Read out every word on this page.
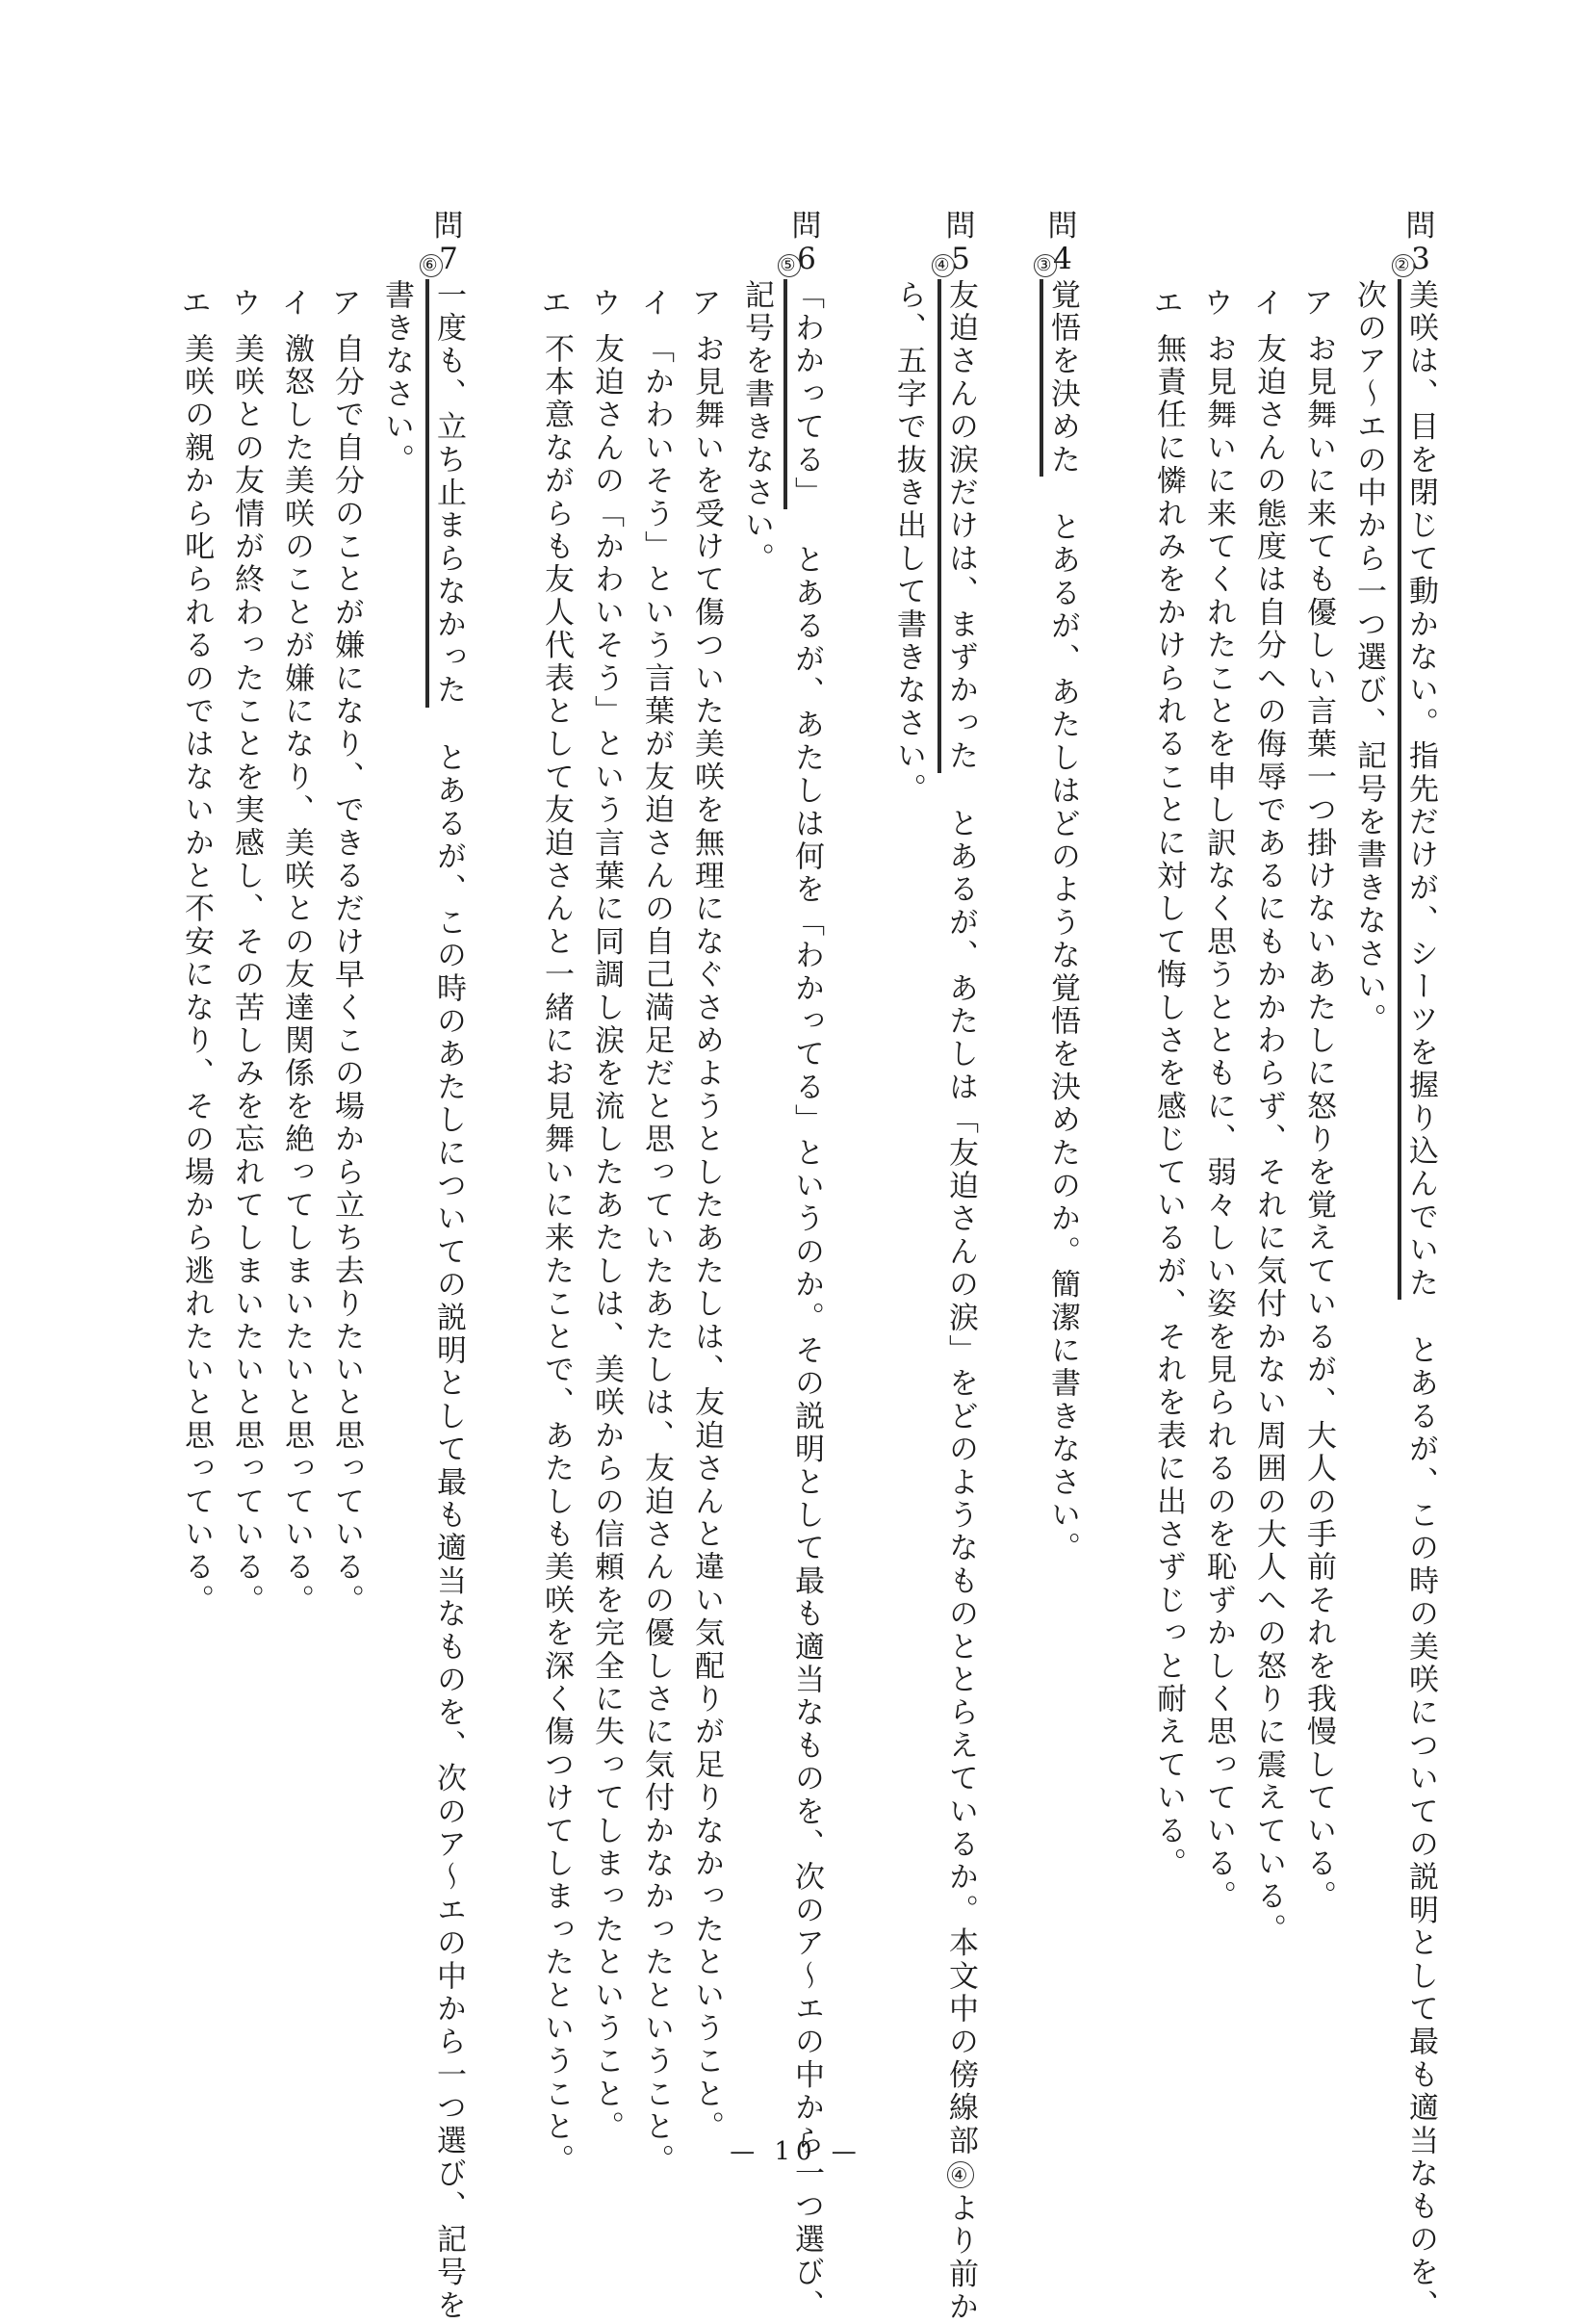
問
3
②
美咲は、目を閉じて動かない。指先だけが、シーツを握り込んでいたとあるが、この時の美咲についての説明として最も適当なものを、
次のア～エの中から一つ選び、記号を書きなさい。
ア
お見舞いに来ても優しい言葉一つ掛けないあたしに怒りを覚えているが、大人の手前それを我慢している。
イ
友迫さんの態度は自分への侮辱であるにもかかわらず、それに気付かない周囲の大人への怒りに震えている。
ウ
お見舞いに来てくれたことを申し訳なく思うとともに、弱々しい姿を見られるのを恥ずかしく思っている。
エ
無責任に憐れみをかけられることに対して悔しさを感じているが、それを表に出さずじっと耐えている。
問
4
③
覚悟を決めたとあるが、あたしはどのような覚悟を決めたのか。簡潔に書きなさい。
問
5
④
友迫さんの涙だけは、まずかったとあるが、あたしは「友迫さんの涙」をどのようなものととらえているか。本文中の傍線部④より前か
ら、五字で抜き出して書きなさい。
問
6
⑤
「わかってる」とあるが、あたしは何を「わかってる」というのか。その説明として最も適当なものを、次のア～エの中から一つ選び、
記号を書きなさい。
ア
お見舞いを受けて傷ついた美咲を無理になぐさめようとしたあたしは、友迫さんと違い気配りが足りなかったということ。
イ
「かわいそう」という言葉が友迫さんの自己満足だと思っていたあたしは、友迫さんの優しさに気付かなかったということ。
ウ
友迫さんの「かわいそう」という言葉に同調し涙を流したあたしは、美咲からの信頼を完全に失ってしまったということ。
エ
不本意ながらも友人代表として友迫さんと一緒にお見舞いに来たことで、あたしも美咲を深く傷つけてしまったということ。
問
7
⑥
一度も、立ち止まらなかったとあるが、この時のあたしについての説明として最も適当なものを、次のア～エの中から一つ選び、記号を
書きなさい。
ア
自分で自分のことが嫌になり、できるだけ早くこの場から立ち去りたいと思っている。
イ
激怒した美咲のことが嫌になり、美咲との友達関係を絶ってしまいたいと思っている。
ウ
美咲との友情が終わったことを実感し、その苦しみを忘れてしまいたいと思っている。
エ
美咲の親から叱られるのではないかと不安になり、その場から逃れたいと思っている。
— 10 —
